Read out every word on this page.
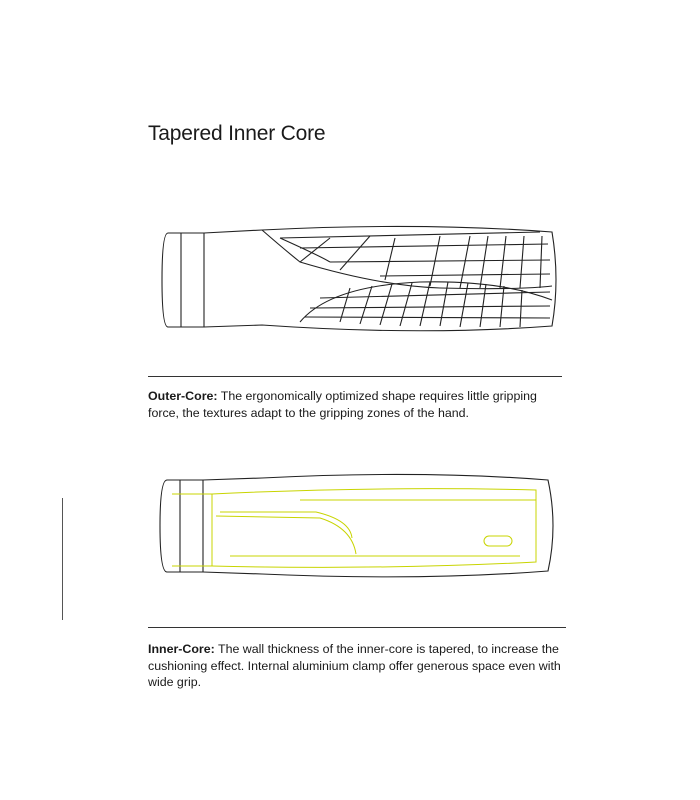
Tapered Inner Core

Outer-Core: The ergonomically optimized shape requires little gripping force, the textures adapt to the gripping zones of the hand.

Inner-Core: The wall thickness of the inner-core is tapered, to increase the cushioning effect. Internal aluminium clamp offer generous space even with wide grip.
